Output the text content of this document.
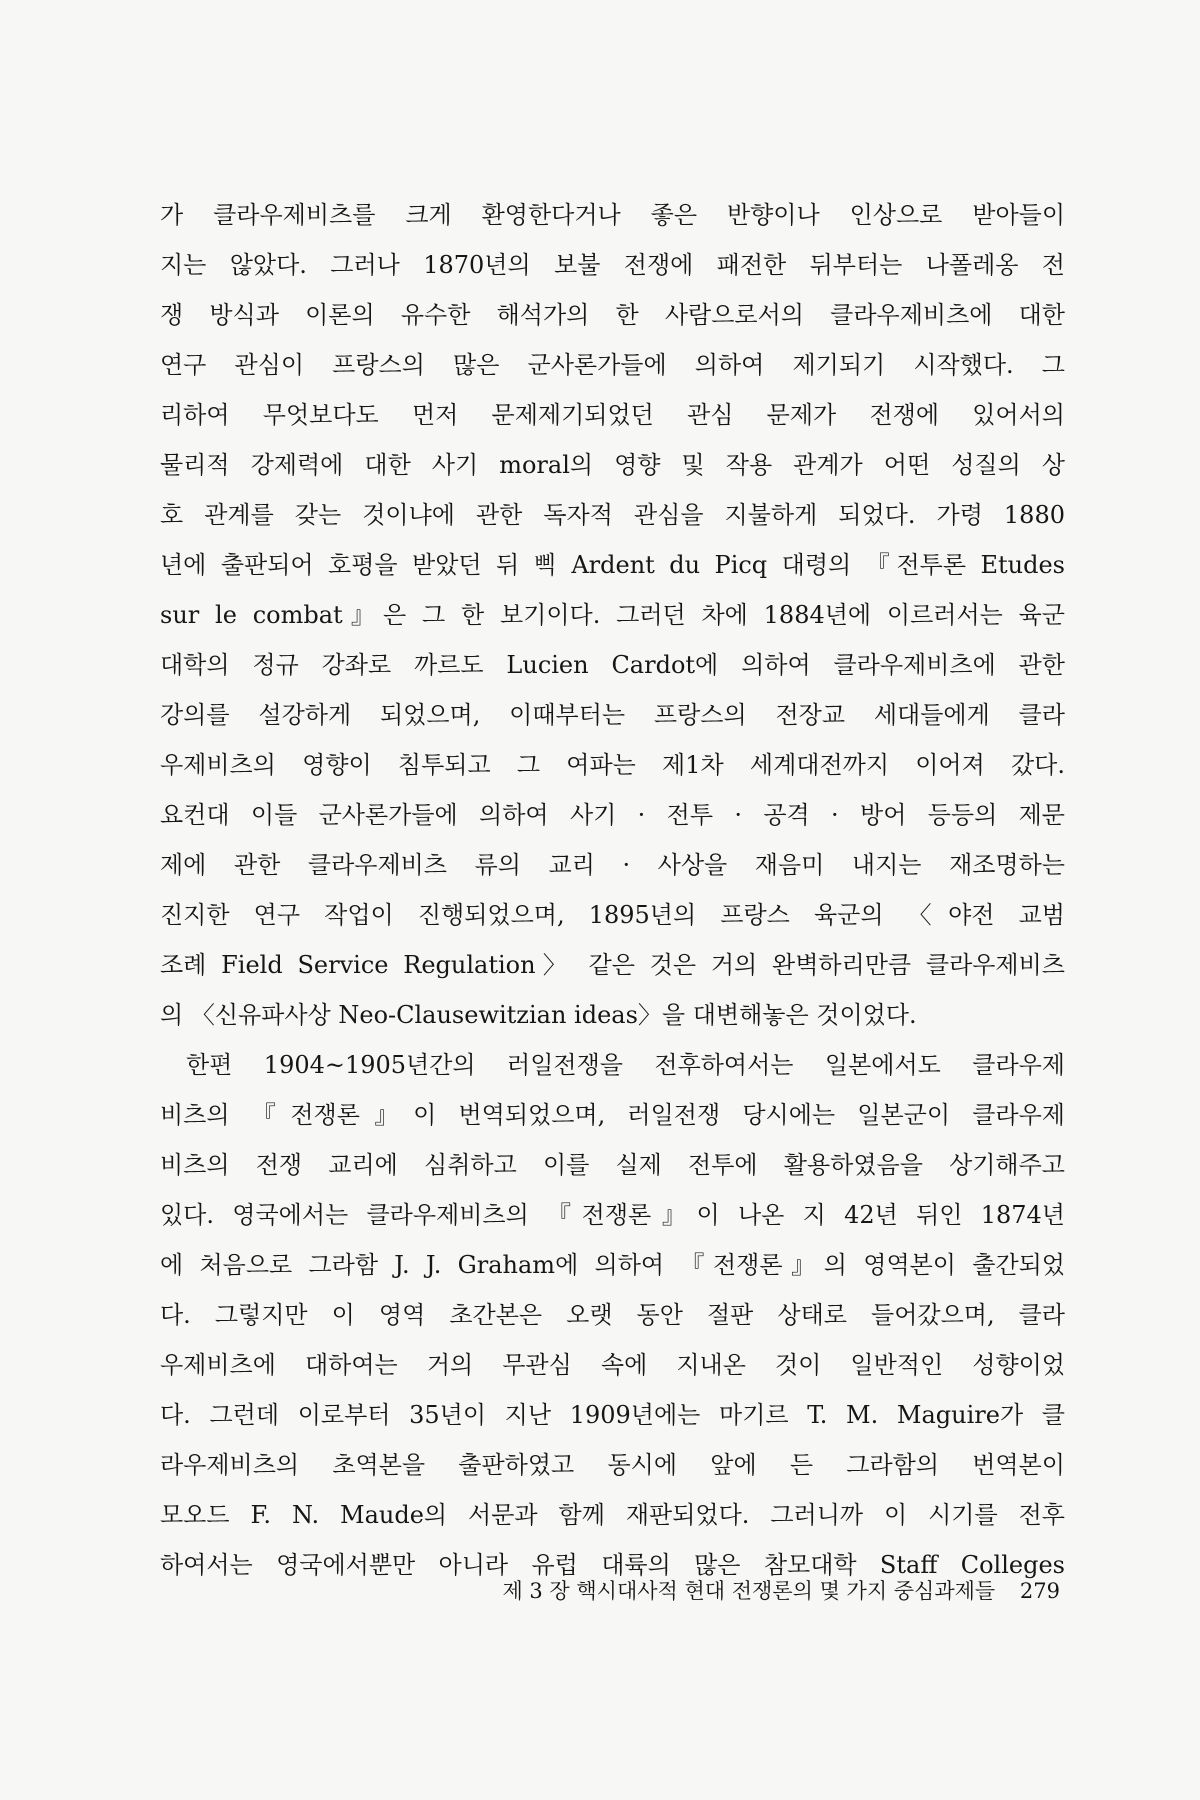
가 클라우제비츠를 크게 환영한다거나 좋은 반향이나 인상으로 받아들이
지는 않았다. 그러나 1870년의 보불 전쟁에 패전한 뒤부터는 나폴레옹 전
쟁 방식과 이론의 유수한 해석가의 한 사람으로서의 클라우제비츠에 대한
연구 관심이 프랑스의 많은 군사론가들에 의하여 제기되기 시작했다. 그
리하여 무엇보다도 먼저 문제제기되었던 관심 문제가 전쟁에 있어서의
물리적 강제력에 대한 사기 moral의 영향 및 작용 관계가 어떤 성질의 상
호 관계를 갖는 것이냐에 관한 독자적 관심을 지불하게 되었다. 가령 1880
년에 출판되어 호평을 받았던 뒤 삑 Ardent du Picq 대령의 『전투론 Etudes
sur le combat』은 그 한 보기이다. 그러던 차에 1884년에 이르러서는 육군
대학의 정규 강좌로 까르도 Lucien Cardot에 의하여 클라우제비츠에 관한
강의를 설강하게 되었으며, 이때부터는 프랑스의 전장교 세대들에게 클라
우제비츠의 영향이 침투되고 그 여파는 제1차 세계대전까지 이어져 갔다.
요컨대 이들 군사론가들에 의하여 사기 · 전투 · 공격 · 방어 등등의 제문
제에 관한 클라우제비츠 류의 교리 · 사상을 재음미 내지는 재조명하는
진지한 연구 작업이 진행되었으며, 1895년의 프랑스 육군의 〈야전 교범
조례 Field Service Regulation〉 같은 것은 거의 완벽하리만큼 클라우제비츠
의 〈신유파사상 Neo-Clausewitzian ideas〉을 대변해놓은 것이었다.
한편 1904~1905년간의 러일전쟁을 전후하여서는 일본에서도 클라우제
비츠의 『전쟁론』이 번역되었으며, 러일전쟁 당시에는 일본군이 클라우제
비츠의 전쟁 교리에 심취하고 이를 실제 전투에 활용하였음을 상기해주고
있다. 영국에서는 클라우제비츠의 『전쟁론』이 나온 지 42년 뒤인 1874년
에 처음으로 그라함 J. J. Graham에 의하여 『전쟁론』의 영역본이 출간되었
다. 그렇지만 이 영역 초간본은 오랫 동안 절판 상태로 들어갔으며, 클라
우제비츠에 대하여는 거의 무관심 속에 지내온 것이 일반적인 성향이었
다. 그런데 이로부터 35년이 지난 1909년에는 마기르 T. M. Maguire가 클
라우제비츠의 초역본을 출판하였고 동시에 앞에 든 그라함의 번역본이
모오드 F. N. Maude의 서문과 함께 재판되었다. 그러니까 이 시기를 전후
하여서는 영국에서뿐만 아니라 유럽 대륙의 많은 참모대학 Staff Colleges
제 3 장 핵시대사적 현대 전쟁론의 몇 가지 중심과제들 279
